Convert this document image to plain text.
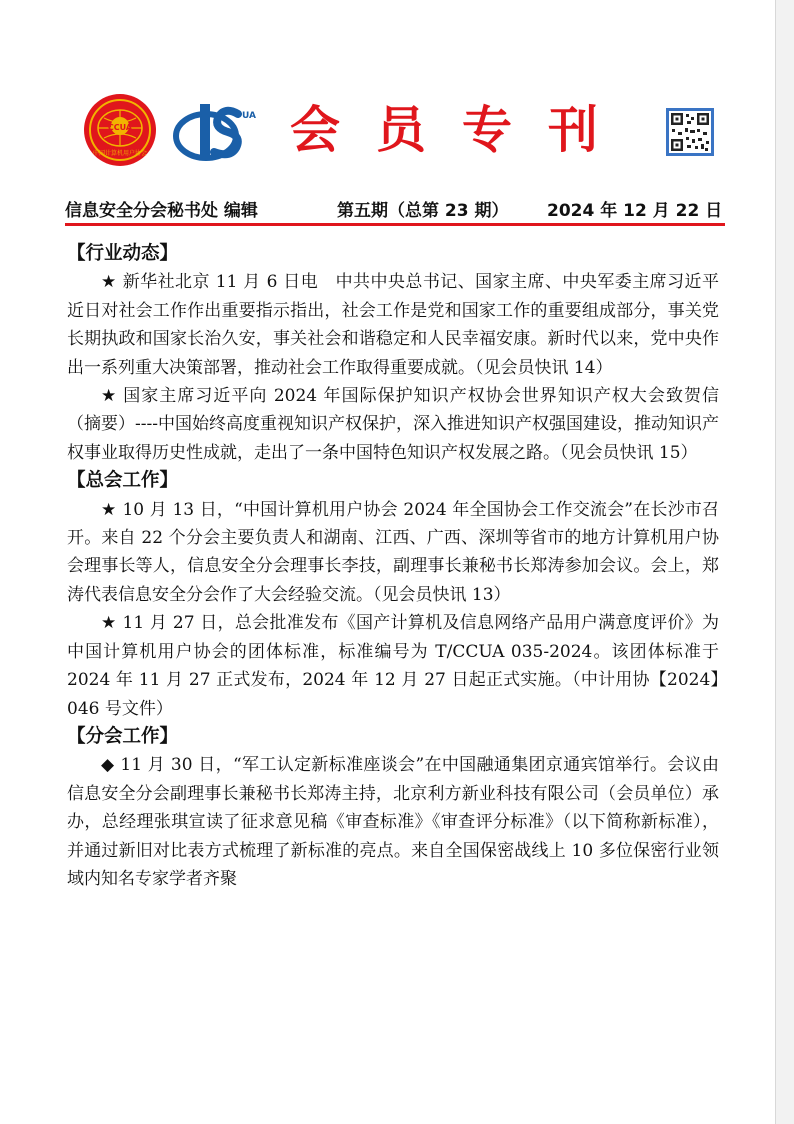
CCUA
中国计算机用户协会
UA 会员专刊
信息安全分会秘书处 编辑	第五期（总第 23 期） 2024 年 12 月 22 日
【行业动态】

★ 新华社北京 11 月 6 日电　中共中央总书记、国家主席、中央军委主席习近平近日对社会工作作出重要指示指出，社会工作是党和国家工作的重要组成部分，事关党长期执政和国家长治久安，事关社会和谐稳定和人民幸福安康。新时代以来，党中央作出一系列重大决策部署，推动社会工作取得重要成就。（见会员快讯 14）

★ 国家主席习近平向 2024 年国际保护知识产权协会世界知识产权大会致贺信（摘要）----中国始终高度重视知识产权保护，深入推进知识产权强国建设，推动知识产权事业取得历史性成就，走出了一条中国特色知识产权发展之路。（见会员快讯 15）

【总会工作】

★ 10 月 13 日，“中国计算机用户协会 2024 年全国协会工作交流会”在长沙市召开。来自 22 个分会主要负责人和湖南、江西、广西、深圳等省市的地方计算机用户协会理事长等人，信息安全分会理事长李技，副理事长兼秘书长郑涛参加会议。会上，郑涛代表信息安全分会作了大会经验交流。（见会员快讯 13）

★ 11 月 27 日，总会批准发布《国产计算机及信息网络产品用户满意度评价》为中国计算机用户协会的团体标准，标准编号为 T/CCUA 035-2024。该团体标准于 2024 年 11 月 27 正式发布，2024 年 12 月 27 日起正式实施。（中计用协【2024】046 号文件）

【分会工作】

◆ 11 月 30 日，“军工认定新标准座谈会”在中国融通集团京通宾馆举行。会议由信息安全分会副理事长兼秘书长郑涛主持，北京利方新业科技有限公司（会员单位）承办，总经理张琪宣读了征求意见稿《审查标准》《审查评分标准》（以下简称新标准），并通过新旧对比表方式梳理了新标准的亮点。来自全国保密战线上 10 多位保密行业领域内知名专家学者齐聚
